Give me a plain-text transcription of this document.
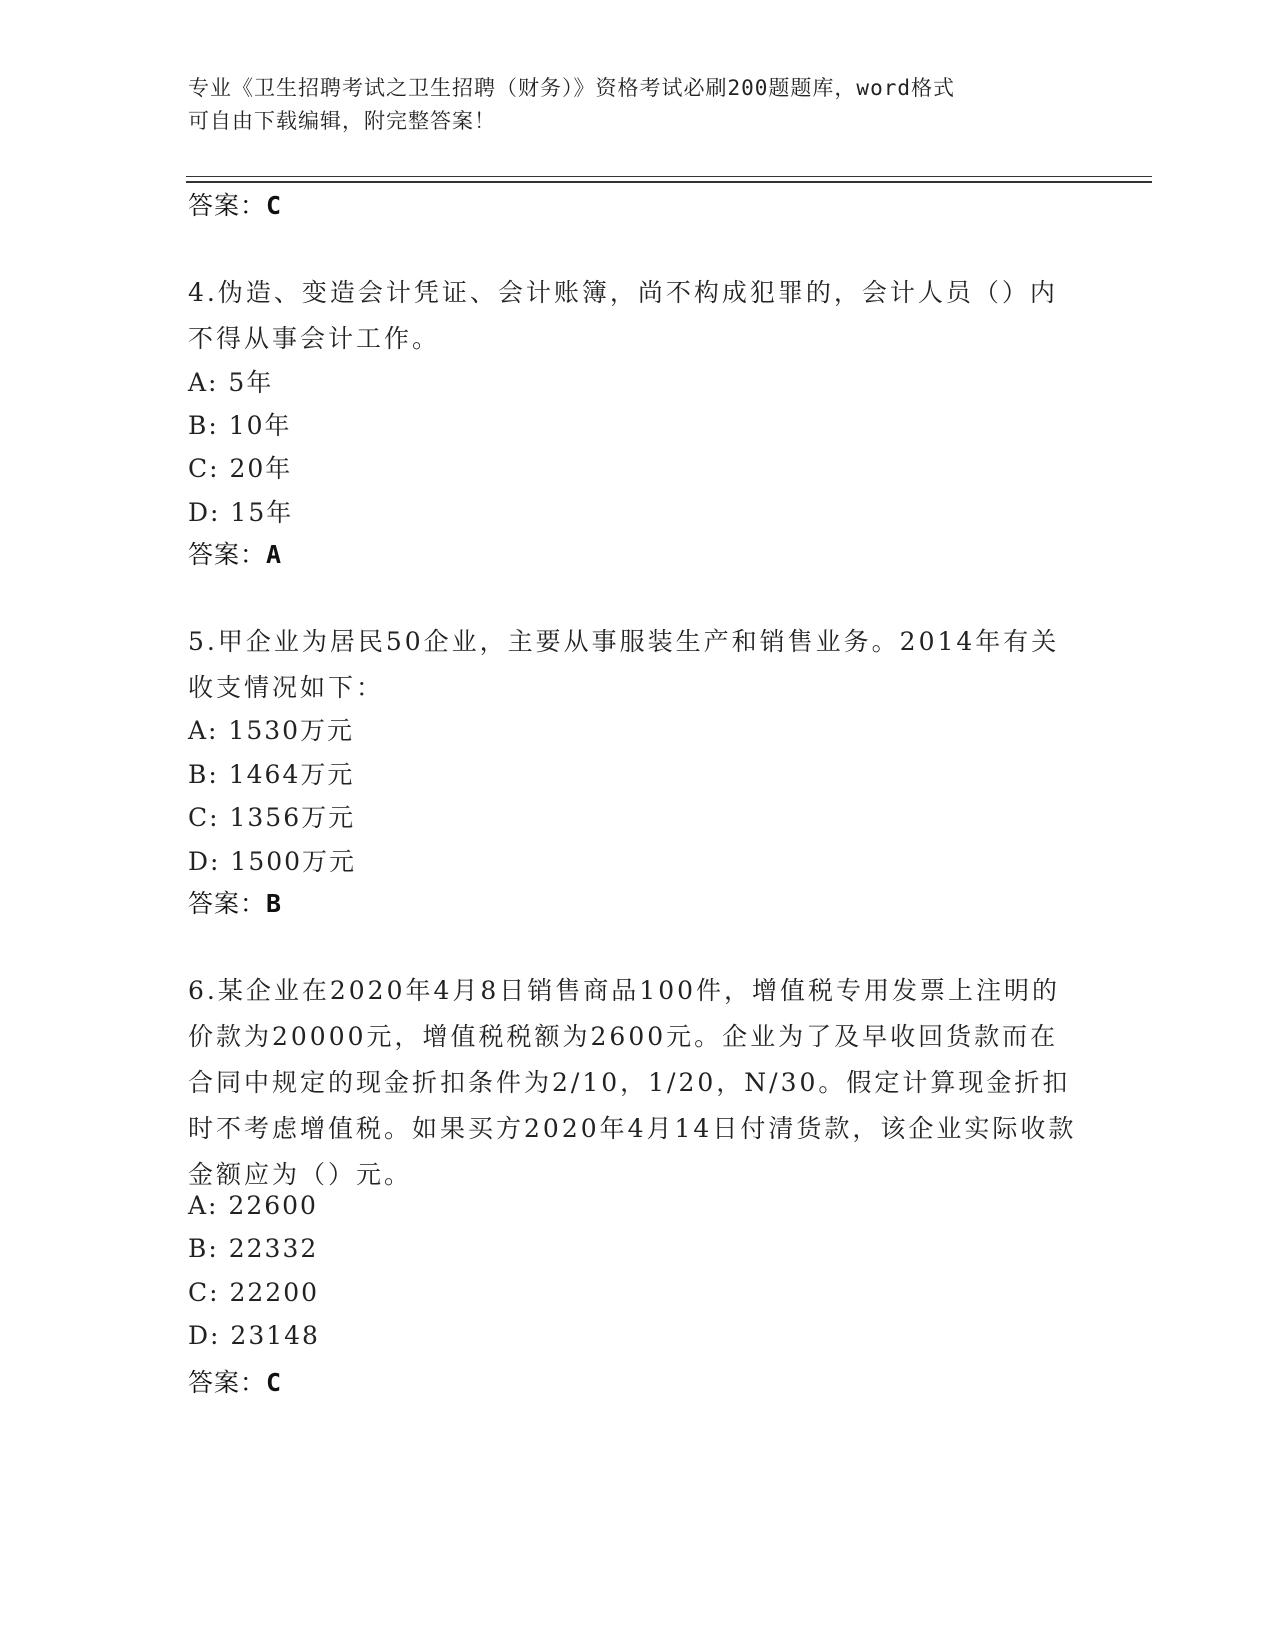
专业《卫生招聘考试之卫生招聘（财务）》资格考试必刷200题题库，word格式
可自由下载编辑，附完整答案！
答案：C
4.伪造、变造会计凭证、会计账簿，尚不构成犯罪的，会计人员（）内不得从事会计工作。
A: 5年
B: 10年
C: 20年
D: 15年
答案：A
5.甲企业为居民50企业，主要从事服装生产和销售业务。2014年有关收支情况如下：
A: 1530万元
B: 1464万元
C: 1356万元
D: 1500万元
答案：B
6.某企业在2020年4月8日销售商品100件，增值税专用发票上注明的价款为20000元，增值税税额为2600元。企业为了及早收回货款而在合同中规定的现金折扣条件为2/10，1/20，N/30。假定计算现金折扣时不考虑增值税。如果买方2020年4月14日付清货款，该企业实际收款金额应为（）元。
A: 22600
B: 22332
C: 22200
D: 23148
答案：C
